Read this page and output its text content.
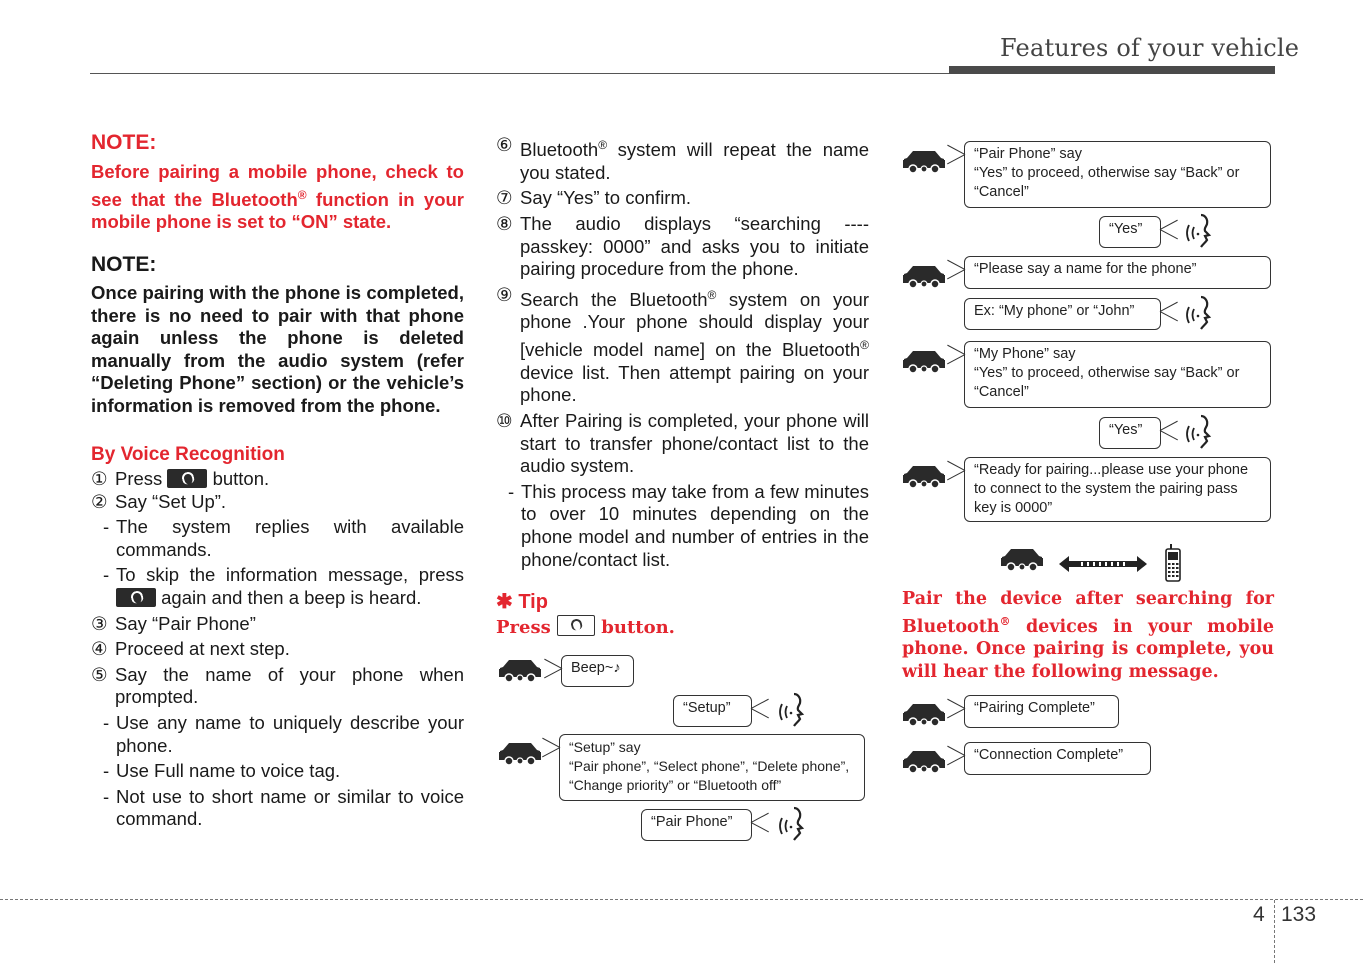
Features of your vehicle
NOTE:
Before pairing a mobile phone, check to see that the Bluetooth® function in your mobile phone is set to “ON” state.
NOTE:
Once pairing with the phone is completed, there is no need to pair with that phone again unless the phone is deleted manually from the audio system (refer “Deleting Phone” section) or the vehicle’s information is removed from the phone.
By Voice Recognition
① Press  button.
② Say “Set Up”.
- The system replies with available commands.
- To skip the information message, press  again and then a beep is heard.
③ Say “Pair Phone”
④ Proceed at next step.
⑤ Say the name of your phone when prompted.
- Use any name to uniquely describe your phone.
- Use Full name to voice tag.
- Not use to short name or similar to voice command.
⑥ Bluetooth® system will repeat the name you stated.
⑦ Say “Yes” to confirm.
⑧ The audio displays “searching ---- passkey: 0000” and asks you to initiate pairing procedure from the phone.
⑨ Search the Bluetooth® system on your phone .Your phone should display your [vehicle model name] on the Bluetooth® device list. Then attempt pairing on your phone.
⑩ After Pairing is completed, your phone will start to transfer phone/contact list to the audio system.
- This process may take from a few minutes to over 10 minutes depending on the phone model and number of entries in the phone/contact list.
✱ Tip
Press  button.
Beep~♪
“Setup”
“Setup” say
“Pair phone”, “Select phone”, “Delete phone”, “Change priority” or “Bluetooth off”
“Pair Phone”
“Pair Phone” say
“Yes” to proceed, otherwise say “Back” or “Cancel”
“Yes”
“Please say a name for the phone”
Ex: “My phone” or “John”
“My Phone” say
“Yes” to proceed, otherwise say “Back” or “Cancel”
“Yes”
“Ready for pairing...please use your phone to connect to the system the pairing pass key is 0000”
Pair the device after searching for Bluetooth® devices in your mobile phone. Once pairing is complete, you will hear the following message.
“Pairing Complete”
“Connection Complete”
4 133
